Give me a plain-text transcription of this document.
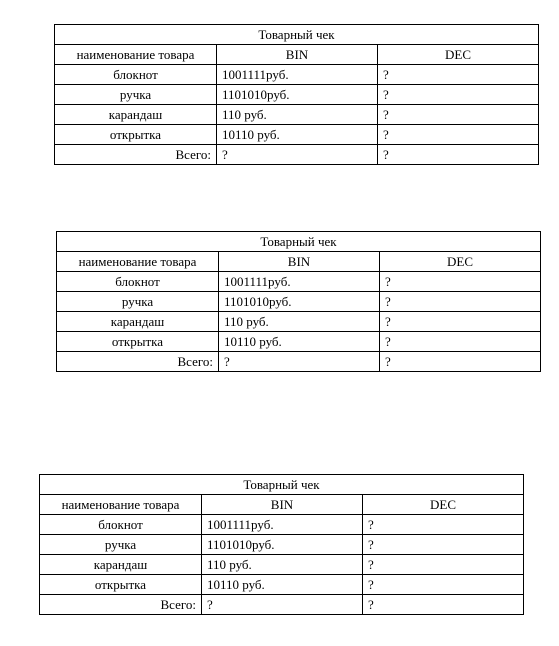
Товарный чек		
наименование товара	BIN	DEC
блокнот	1001111руб.	?
ручка	1101010руб.	?
карандаш	110 руб.	?
открытка	10110 руб.	?
Всего:	?	?
Товарный чек		
наименование товара	BIN	DEC
блокнот	1001111руб.	?
ручка	1101010руб.	?
карандаш	110 руб.	?
открытка	10110 руб.	?
Всего:	?	?
Товарный чек		
наименование товара	BIN	DEC
блокнот	1001111руб.	?
ручка	1101010руб.	?
карандаш	110 руб.	?
открытка	10110 руб.	?
Всего:	?	?
